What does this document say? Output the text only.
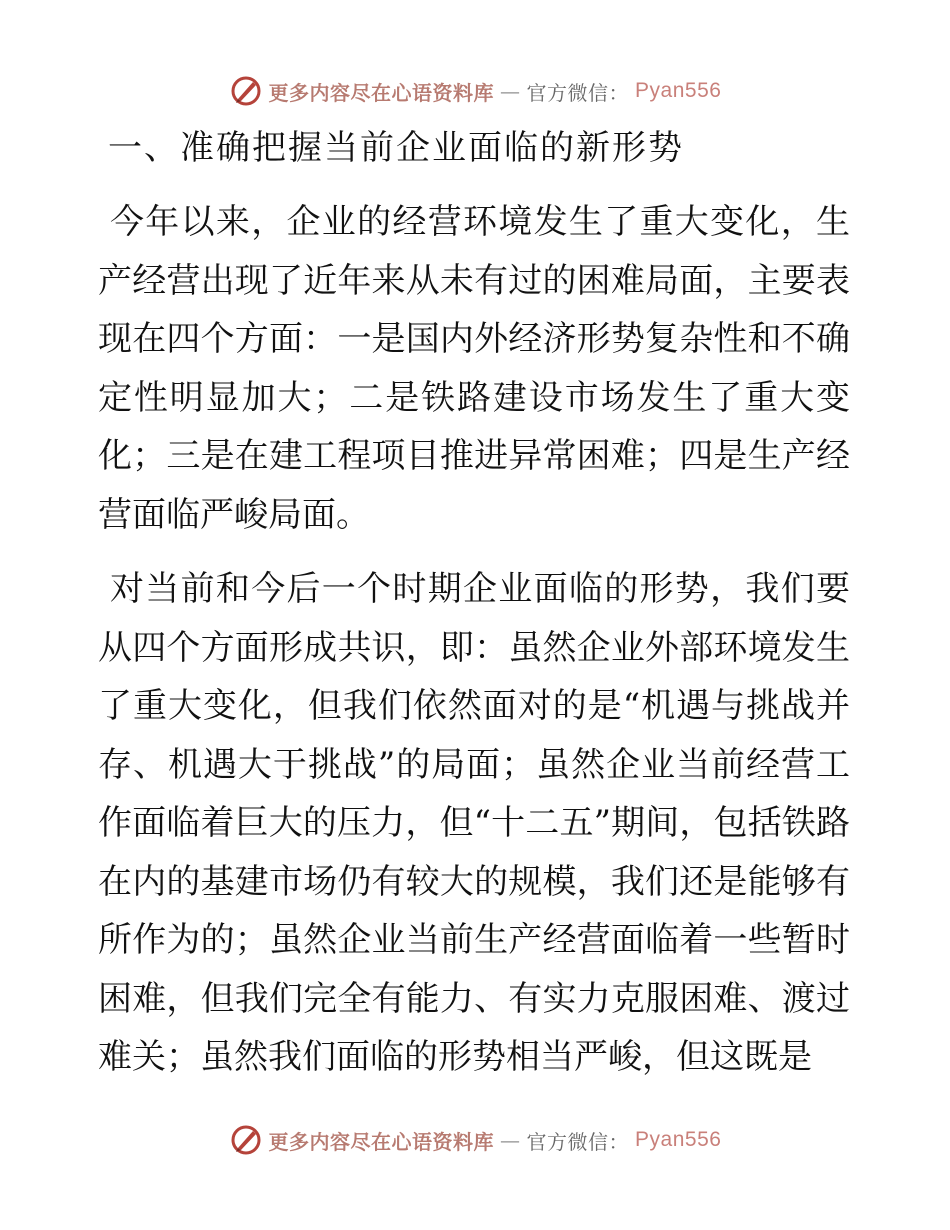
更多内容尽在心语资料库 — 官方微信： Pyan556
一、准确把握当前企业面临的新形势

今年以来，企业的经营环境发生了重大变化，生产经营出现了近年来从未有过的困难局面，主要表现在四个方面：一是国内外经济形势复杂性和不确定性明显加大；二是铁路建设市场发生了重大变化；三是在建工程项目推进异常困难；四是生产经营面临严峻局面。

对当前和今后一个时期企业面临的形势，我们要从四个方面形成共识，即：虽然企业外部环境发生了重大变化，但我们依然面对的是“机遇与挑战并存、机遇大于挑战”的局面；虽然企业当前经营工作面临着巨大的压力，但“十二五”期间，包括铁路在内的基建市场仍有较大的规模，我们还是能够有所作为的；虽然企业当前生产经营面临着一些暂时困难，但我们完全有能力、有实力克服困难、渡过难关；虽然我们面临的形势相当严峻，但这既是

更多内容尽在心语资料库 — 官方微信： Pyan556
